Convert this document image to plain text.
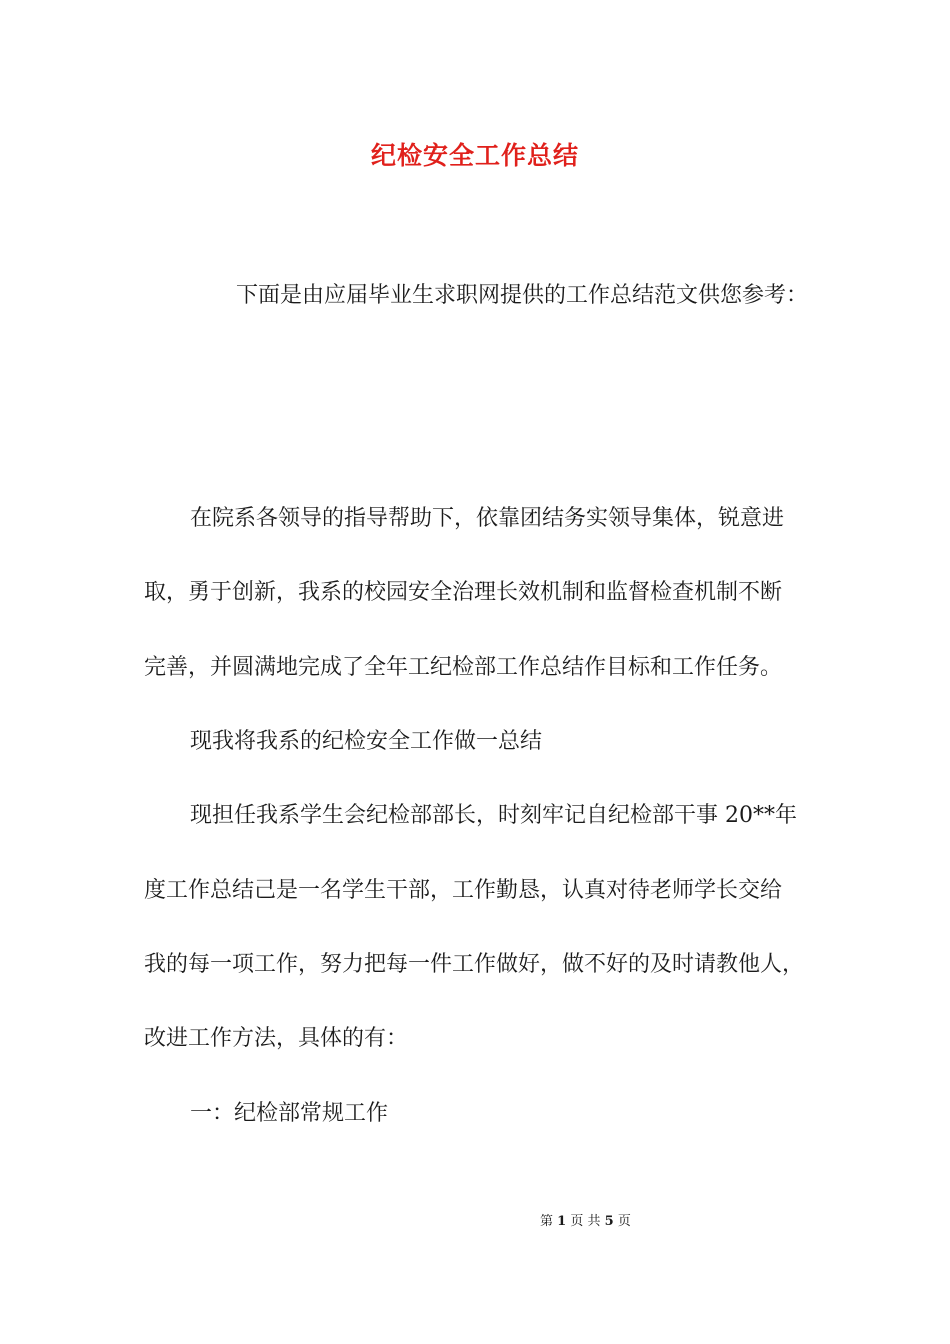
纪检安全工作总结
下面是由应届毕业生求职网提供的工作总结范文供您参考：
在院系各领导的指导帮助下，依靠团结务实领导集体，锐意进
取，勇于创新，我系的校园安全治理长效机制和监督检查机制不断
完善，并圆满地完成了全年工纪检部工作总结作目标和工作任务。
现我将我系的纪检安全工作做一总结
现担任我系学生会纪检部部长，时刻牢记自纪检部干事 20**年
度工作总结己是一名学生干部，工作勤恳，认真对待老师学长交给
我的每一项工作，努力把每一件工作做好，做不好的及时请教他人，
改进工作方法，具体的有：
一：纪检部常规工作
第 1 页 共 5 页
